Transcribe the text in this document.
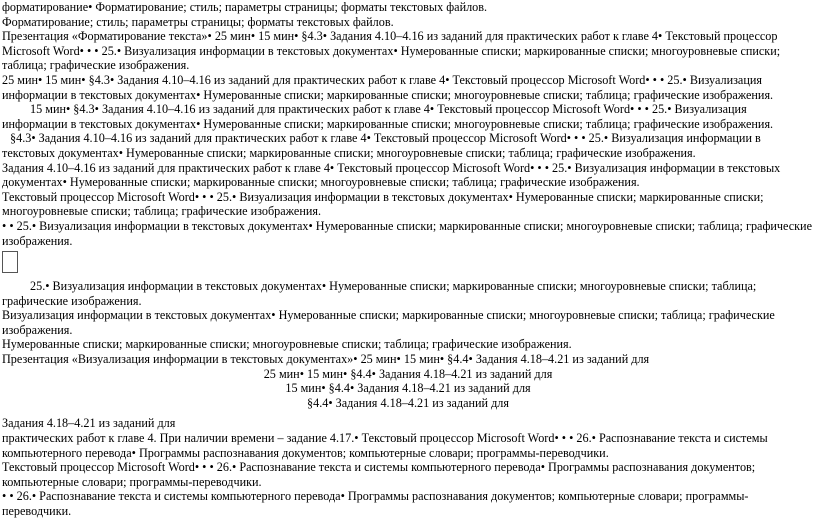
форматирование• Форматирование; стиль; параметры страницы; форматы текстовых файлов.

Форматирование; стиль; параметры страницы; форматы текстовых файлов.

Презентация «Форматирование текста»• 25 мин• 15 мин• §4.3• Задания 4.10–4.16 из заданий для практических работ к главе 4• Текстовый процессор Microsoft Word• • • 25.• Визуализация информации в текстовых документах• Нумерованные списки; маркированные списки; многоуровневые списки; таблица; графические изображения.

25 мин• 15 мин• §4.3• Задания 4.10–4.16 из заданий для практических работ к главе 4• Текстовый процессор Microsoft Word• • • 25.• Визуализация информации в текстовых документах• Нумерованные списки; маркированные списки; многоуровневые списки; таблица; графические изображения.

15 мин• §4.3• Задания 4.10–4.16 из заданий для практических работ к главе 4• Текстовый процессор Microsoft Word• • • 25.• Визуализация информации в текстовых документах• Нумерованные списки; маркированные списки; многоуровневые списки; таблица; графические изображения.

§4.3• Задания 4.10–4.16 из заданий для практических работ к главе 4• Текстовый процессор Microsoft Word• • • 25.• Визуализация информации в текстовых документах• Нумерованные списки; маркированные списки; многоуровневые списки; таблица; графические изображения.

Задания 4.10–4.16 из заданий для практических работ к главе 4• Текстовый процессор Microsoft Word• • • 25.• Визуализация информации в текстовых документах• Нумерованные списки; маркированные списки; многоуровневые списки; таблица; графические изображения.

Текстовый процессор Microsoft Word• • • 25.• Визуализация информации в текстовых документах• Нумерованные списки; маркированные списки; многоуровневые списки; таблица; графические изображения.

• • 25.• Визуализация информации в текстовых документах• Нумерованные списки; маркированные списки; многоуровневые списки; таблица; графические изображения.

25.• Визуализация информации в текстовых документах• Нумерованные списки; маркированные списки; многоуровневые списки; таблица; графические изображения.

Визуализация информации в текстовых документах• Нумерованные списки; маркированные списки; многоуровневые списки; таблица; графические изображения.

Нумерованные списки; маркированные списки; многоуровневые списки; таблица; графические изображения.

Презентация «Визуализация информации в текстовых документах»• 25 мин• 15 мин• §4.4• Задания 4.18–4.21 из заданий для

25 мин• 15 мин• §4.4• Задания 4.18–4.21 из заданий для

15 мин• §4.4• Задания 4.18–4.21 из заданий для

§4.4• Задания 4.18–4.21 из заданий для

Задания 4.18–4.21 из заданий для

практических работ к главе 4. При наличии времени – задание 4.17.• Текстовый процессор Microsoft Word• • • 26.• Распознавание текста и системы компьютерного перевода• Программы распознавания документов; компьютерные словари; программы-переводчики.

Текстовый процессор Microsoft Word• • • 26.• Распознавание текста и системы компьютерного перевода• Программы распознавания документов; компьютерные словари; программы-переводчики.

• • 26.• Распознавание текста и системы компьютерного перевода• Программы распознавания документов; компьютерные словари; программы-переводчики.
